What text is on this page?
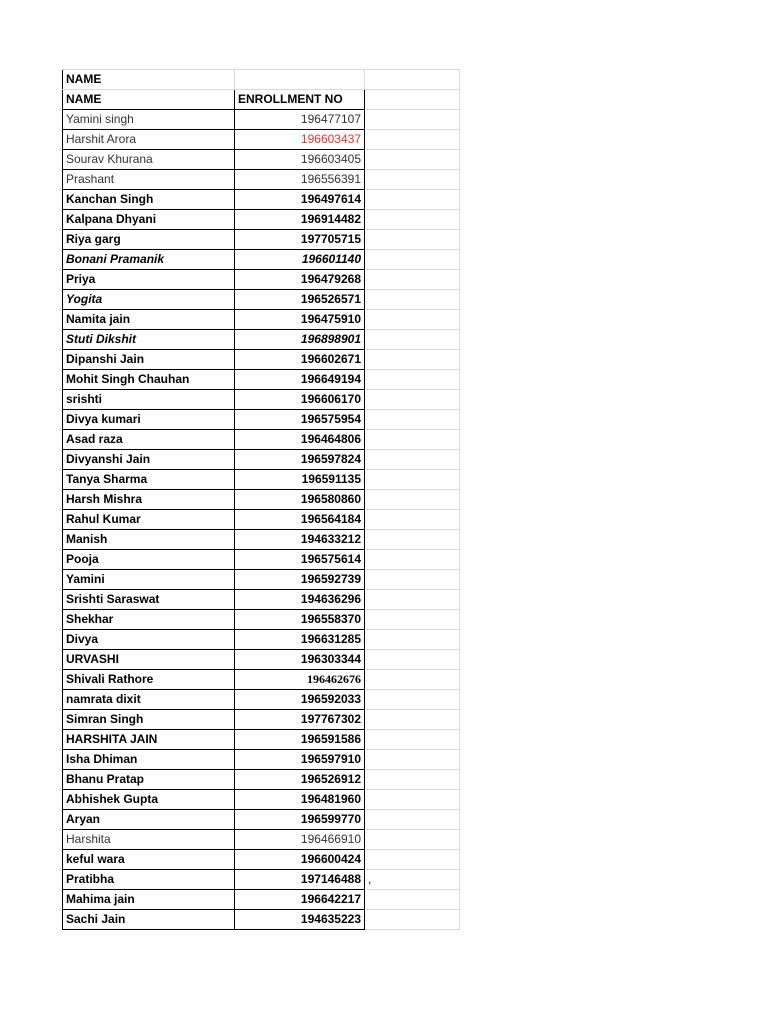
NAME		
NAME	ENROLLMENT NO	
Yamini singh	196477107	
Harshit Arora	196603437	
Sourav Khurana	196603405	
Prashant	196556391	
Kanchan Singh	196497614	
Kalpana Dhyani	196914482	
Riya garg	197705715	
Bonani Pramanik	196601140	
Priya	196479268	
Yogita	196526571	
Namita jain	196475910	
Stuti Dikshit	196898901	
Dipanshi Jain	196602671	
Mohit Singh Chauhan	196649194	
srishti	196606170	
Divya kumari	196575954	
Asad raza	196464806	
Divyanshi Jain	196597824	
Tanya Sharma	196591135	
Harsh Mishra	196580860	
Rahul Kumar	196564184	
Manish	194633212	
Pooja	196575614	
Yamini	196592739	
Srishti Saraswat	194636296	
Shekhar	196558370	
Divya	196631285	
URVASHI	196303344	
Shivali Rathore	196462676	
namrata dixit	196592033	
Simran Singh	197767302	
HARSHITA JAIN	196591586	
Isha Dhiman	196597910	
Bhanu Pratap	196526912	
Abhishek Gupta	196481960	
Aryan	196599770	
Harshita	196466910	
keful wara	196600424	
Pratibha	197146488	,
Mahima jain	196642217	
Sachi Jain	194635223	
